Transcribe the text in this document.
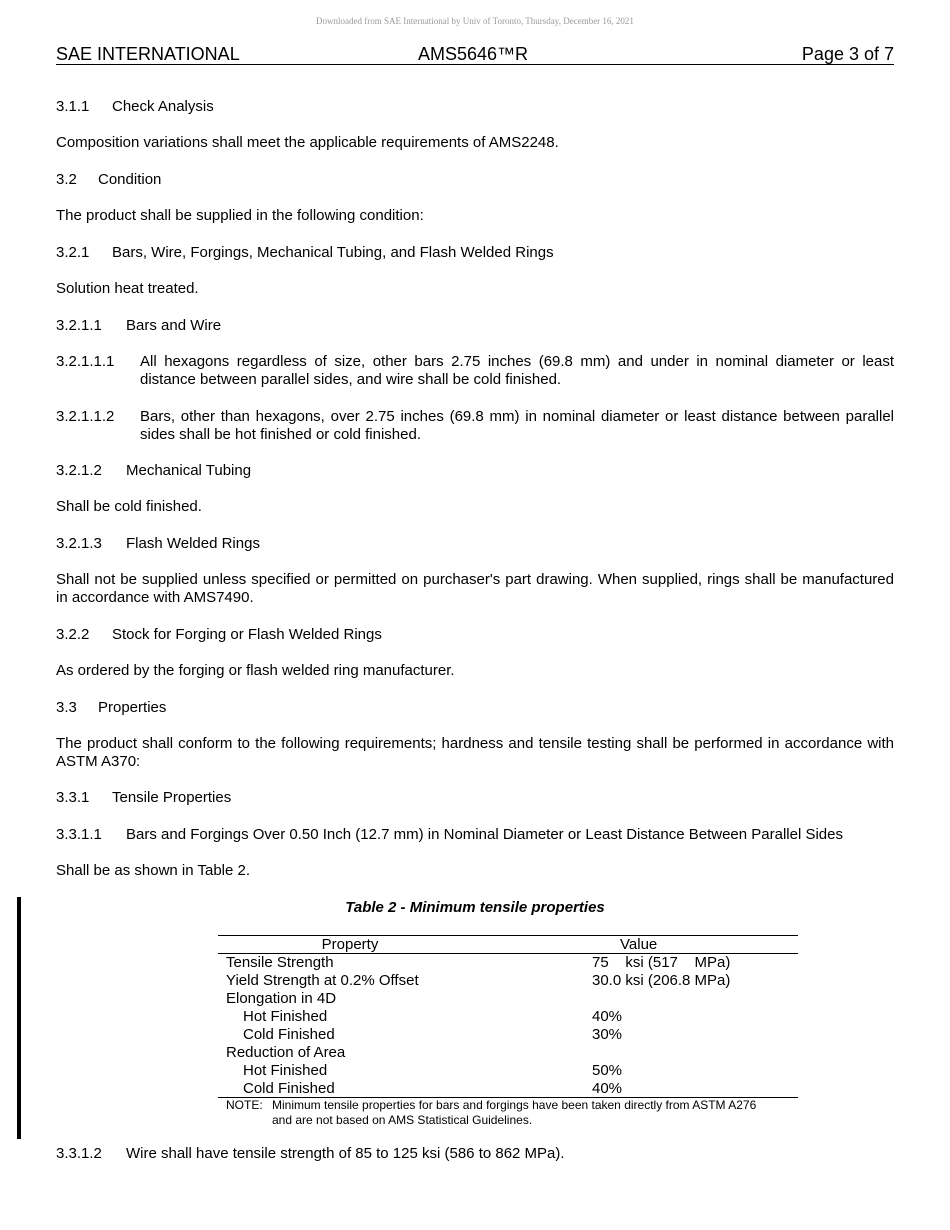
Downloaded from SAE International by Univ of Toronto, Thursday, December 16, 2021
SAE INTERNATIONAL	AMS5646™R	Page 3 of 7
3.1.1 Check Analysis
Composition variations shall meet the applicable requirements of AMS2248.
3.2 Condition
The product shall be supplied in the following condition:
3.2.1 Bars, Wire, Forgings, Mechanical Tubing, and Flash Welded Rings
Solution heat treated.
3.2.1.1 Bars and Wire
3.2.1.1.1 All hexagons regardless of size, other bars 2.75 inches (69.8 mm) and under in nominal diameter or least distance between parallel sides, and wire shall be cold finished.
3.2.1.1.2 Bars, other than hexagons, over 2.75 inches (69.8 mm) in nominal diameter or least distance between parallel sides shall be hot finished or cold finished.
3.2.1.2 Mechanical Tubing
Shall be cold finished.
3.2.1.3 Flash Welded Rings
Shall not be supplied unless specified or permitted on purchaser's part drawing. When supplied, rings shall be manufactured in accordance with AMS7490.
3.2.2 Stock for Forging or Flash Welded Rings
As ordered by the forging or flash welded ring manufacturer.
3.3 Properties
The product shall conform to the following requirements; hardness and tensile testing shall be performed in accordance with ASTM A370:
3.3.1 Tensile Properties
3.3.1.1 Bars and Forgings Over 0.50 Inch (12.7 mm) in Nominal Diameter or Least Distance Between Parallel Sides
Shall be as shown in Table 2.
Table 2 - Minimum tensile properties
Property	Value
Tensile Strength	75    ksi (517    MPa)
Yield Strength at 0.2% Offset	30.0 ksi (206.8 MPa)
Elongation in 4D
Hot Finished	40%
Cold Finished	30%
Reduction of Area
Hot Finished	50%
Cold Finished	40%
NOTE: Minimum tensile properties for bars and forgings have been taken directly from ASTM A276
and are not based on AMS Statistical Guidelines.
3.3.1.2 Wire shall have tensile strength of 85 to 125 ksi (586 to 862 MPa).
